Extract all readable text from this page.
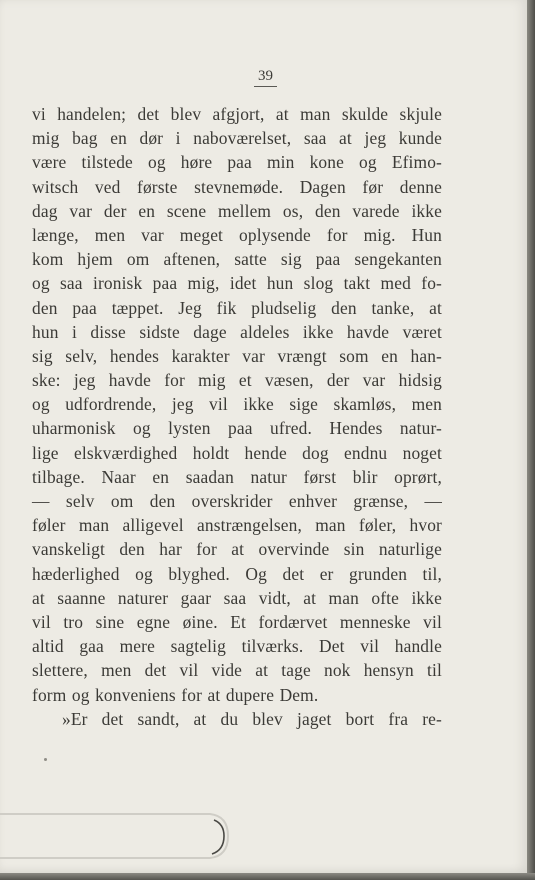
39
vi handelen; det blev afgjort, at man skulde skjule
mig bag en dør i naboværelset, saa at jeg kunde
være tilstede og høre paa min kone og Efimo-
witsch ved første stevnemøde. Dagen før denne
dag var der en scene mellem os, den varede ikke
længe, men var meget oplysende for mig. Hun
kom hjem om aftenen, satte sig paa sengekanten
og saa ironisk paa mig, idet hun slog takt med fo-
den paa tæppet. Jeg fik pludselig den tanke, at
hun i disse sidste dage aldeles ikke havde været
sig selv, hendes karakter var vrængt som en han-
ske: jeg havde for mig et væsen, der var hidsig
og udfordrende, jeg vil ikke sige skamløs, men
uharmonisk og lysten paa ufred. Hendes natur-
lige elskværdighed holdt hende dog endnu noget
tilbage. Naar en saadan natur først blir oprørt,
— selv om den overskrider enhver grænse, —
føler man alligevel anstrængelsen, man føler, hvor
vanskeligt den har for at overvinde sin naturlige
hæderlighed og blyghed. Og det er grunden til,
at saanne naturer gaar saa vidt, at man ofte ikke
vil tro sine egne øine. Et fordærvet menneske vil
altid gaa mere sagtelig tilværks. Det vil handle
slettere, men det vil vide at tage nok hensyn til
form og konveniens for at dupere Dem.
»Er det sandt, at du blev jaget bort fra re-
